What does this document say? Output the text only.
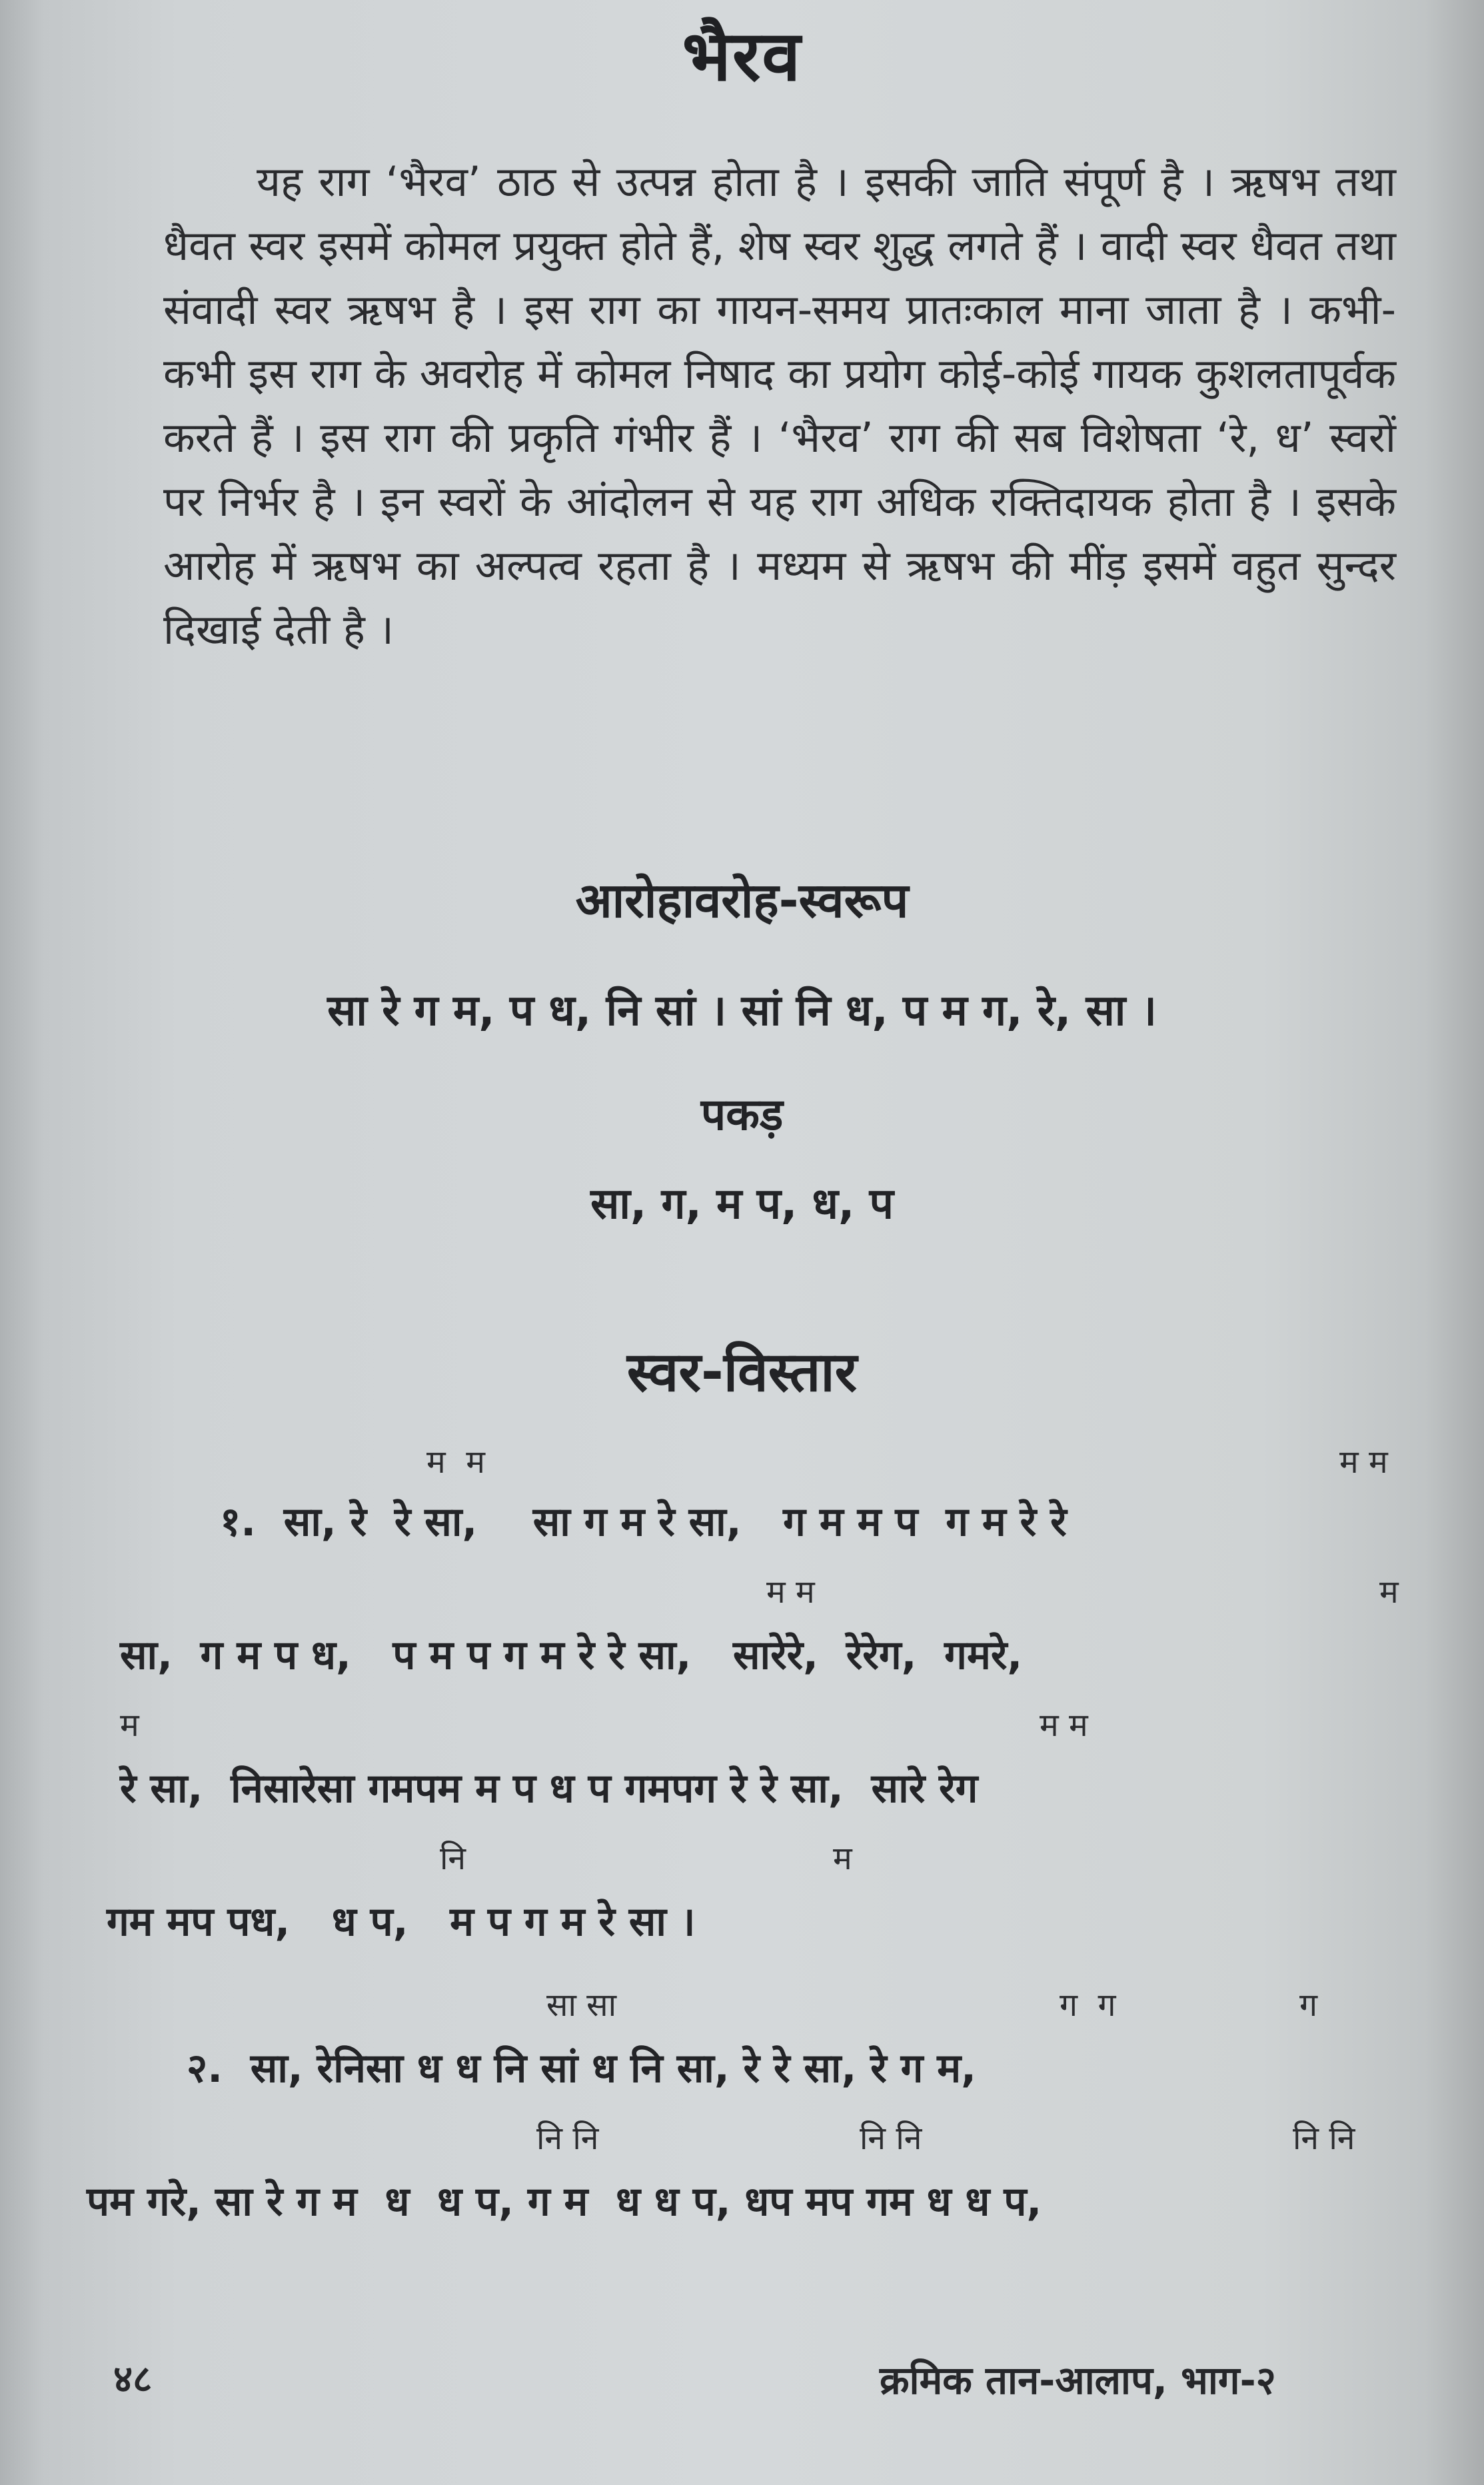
भैरव
यह राग ‘भैरव’ ठाठ से उत्पन्न होता है । इसकी जाति संपूर्ण है । ऋषभ तथा धैवत स्वर इसमें कोमल प्रयुक्त होते हैं, शेष स्वर शुद्ध लगते हैं । वादी स्वर धैवत तथा संवादी स्वर ऋषभ है । इस राग का गायन-समय प्रातःकाल माना जाता है । कभी-कभी इस राग के अवरोह में कोमल निषाद का प्रयोग कोई-कोई गायक कुशलतापूर्वक करते हैं । इस राग की प्रकृति गंभीर हैं । ‘भैरव’ राग की सब विशेषता ‘रे, ध’ स्वरों पर निर्भर है । इन स्वरों के आंदोलन से यह राग अधिक रक्तिदायक होता है । इसके आरोह में ऋषभ का अल्पत्व रहता है । मध्यम से ऋषभ की मींड़ इसमें वहुत सुन्दर दिखाई देती है ।
आरोहावरोह-स्वरूप
सा रे ग म, प ध, नि सां । सां नि ध, प म ग, रे, सा ।
पकड़
सा, ग, म प, ध, प
स्वर-विस्तार
म  म	म म
१.  सा, रे  रे सा,    सा ग म रे सा,   ग म म प  ग म रे रे
म म	म
सा,  ग म प ध,   प म प ग म रे रे सा,   सारेरे,  रेरेग,  गमरे,
म	म म
रे सा,  निसारेसा गमपम म प ध प गमपग रे रे सा,  सारे रेग
नि	म
गम मप पध,   ध प,   म प ग म रे सा ।
सा सा	ग  ग	ग
२.  सा, रेनिसा ध ध नि सां ध नि सा, रे रे सा, रे ग म,
नि नि	नि नि	नि नि
पम गरे, सा रे ग म  ध  ध प, ग म  ध ध प, धप मप गम ध ध प,
४८	क्रमिक तान-आलाप, भाग-२
